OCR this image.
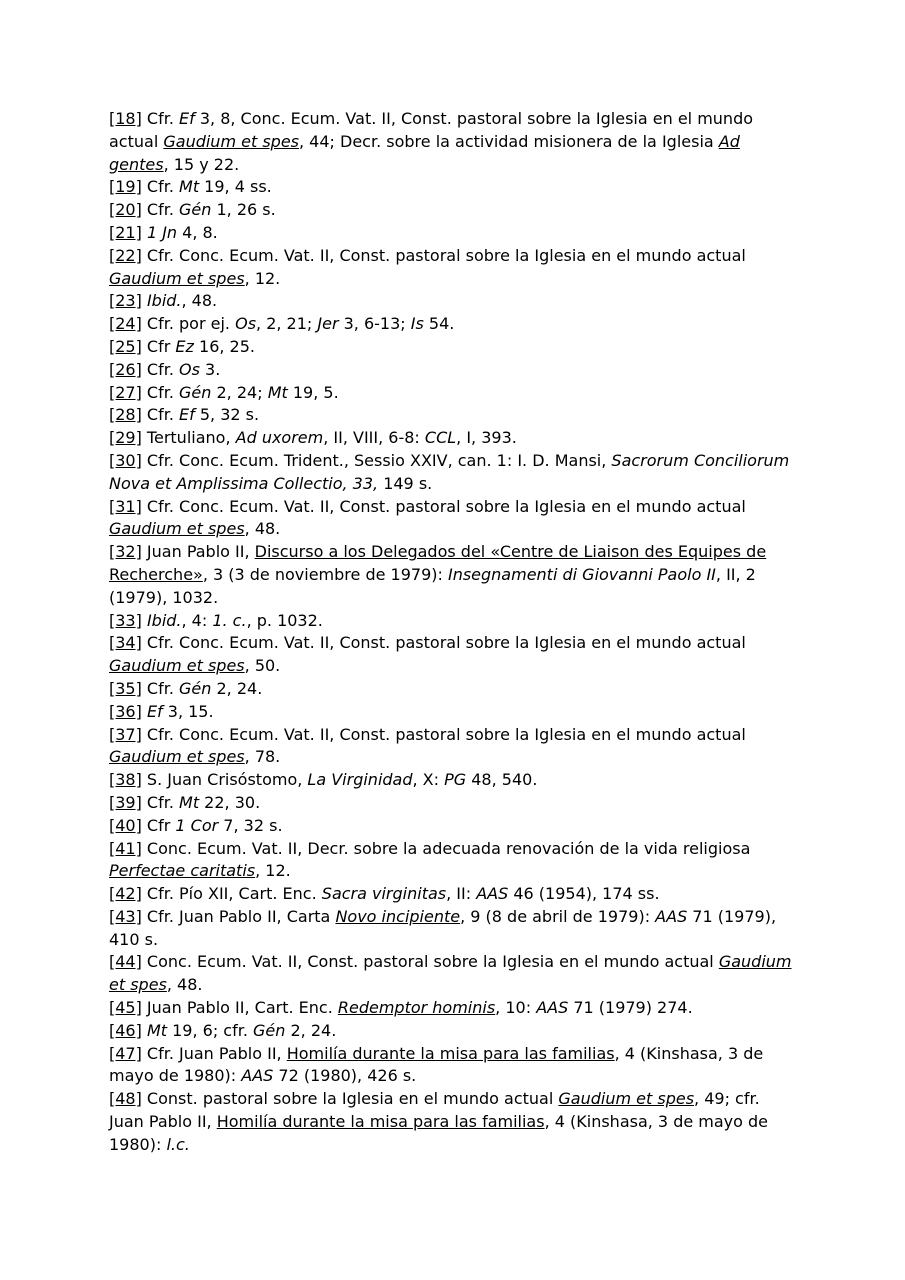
[18] Cfr. Ef 3, 8, Conc. Ecum. Vat. II, Const. pastoral sobre la Iglesia en el mundo actual Gaudium et spes, 44; Decr. sobre la actividad misionera de la Iglesia Ad gentes, 15 y 22.

[19] Cfr. Mt 19, 4 ss.

[20] Cfr. Gén 1, 26 s.

[21] 1 Jn 4, 8.

[22] Cfr. Conc. Ecum. Vat. II, Const. pastoral sobre la Iglesia en el mundo actual Gaudium et spes, 12.

[23] Ibid., 48.

[24] Cfr. por ej. Os, 2, 21; Jer 3, 6-13; Is 54.

[25] Cfr Ez 16, 25.

[26] Cfr. Os 3.

[27] Cfr. Gén 2, 24; Mt 19, 5.

[28] Cfr. Ef 5, 32 s.

[29] Tertuliano, Ad uxorem, II, VIII, 6-8: CCL, I, 393.

[30] Cfr. Conc. Ecum. Trident., Sessio XXIV, can. 1: I. D. Mansi, Sacrorum Conciliorum Nova et Amplissima Collectio, 33, 149 s.

[31] Cfr. Conc. Ecum. Vat. II, Const. pastoral sobre la Iglesia en el mundo actual Gaudium et spes, 48.

[32] Juan Pablo II, Discurso a los Delegados del «Centre de Liaison des Equipes de Recherche», 3 (3 de noviembre de 1979): Insegnamenti di Giovanni Paolo II, II, 2 (1979), 1032.

[33] Ibid., 4: 1. c., p. 1032.

[34] Cfr. Conc. Ecum. Vat. II, Const. pastoral sobre la Iglesia en el mundo actual Gaudium et spes, 50.

[35] Cfr. Gén 2, 24.

[36] Ef 3, 15.

[37] Cfr. Conc. Ecum. Vat. II, Const. pastoral sobre la Iglesia en el mundo actual Gaudium et spes, 78.

[38] S. Juan Crisóstomo, La Virginidad, X: PG 48, 540.

[39] Cfr. Mt 22, 30.

[40] Cfr 1 Cor 7, 32 s.

[41] Conc. Ecum. Vat. II, Decr. sobre la adecuada renovación de la vida religiosa Perfectae caritatis, 12.

[42] Cfr. Pío XII, Cart. Enc. Sacra virginitas, II: AAS 46 (1954), 174 ss.

[43] Cfr. Juan Pablo II, Carta Novo incipiente, 9 (8 de abril de 1979): AAS 71 (1979), 410 s.

[44] Conc. Ecum. Vat. II, Const. pastoral sobre la Iglesia en el mundo actual Gaudium et spes, 48.

[45] Juan Pablo II, Cart. Enc. Redemptor hominis, 10: AAS 71 (1979) 274.

[46] Mt 19, 6; cfr. Gén 2, 24.

[47] Cfr. Juan Pablo II, Homilía durante la misa para las familias, 4 (Kinshasa, 3 de mayo de 1980): AAS 72 (1980), 426 s.

[48] Const. pastoral sobre la Iglesia en el mundo actual Gaudium et spes, 49; cfr. Juan Pablo II, Homilía durante la misa para las familias, 4 (Kinshasa, 3 de mayo de 1980): l.c.
